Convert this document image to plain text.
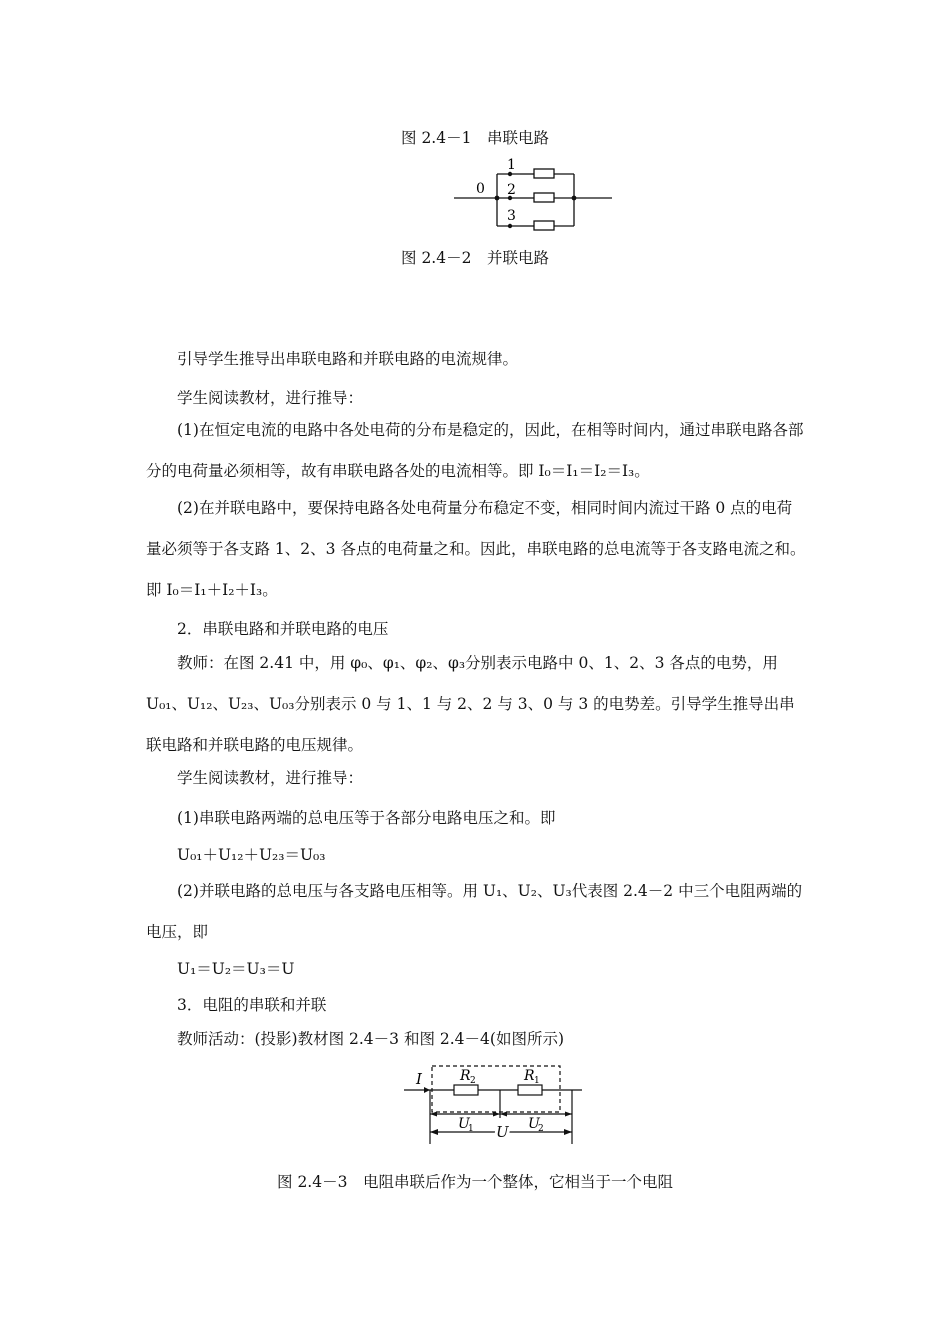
图 2.4－1　串联电路
0
1
2
3
图 2.4－2　并联电路
引导学生推导出串联电路和并联电路的电流规律。
学生阅读教材，进行推导：
(1)在恒定电流的电路中各处电荷的分布是稳定的，因此，在相等时间内，通过串联电路各部分的电荷量必须相等，故有串联电路各处的电流相等。即 I₀＝I₁＝I₂＝I₃。
(2)在并联电路中，要保持电路各处电荷量分布稳定不变，相同时间内流过干路 0 点的电荷量必须等于各支路 1、2、3 各点的电荷量之和。因此，串联电路的总电流等于各支路电流之和。即 I₀＝I₁＋I₂＋I₃。
2．串联电路和并联电路的电压
教师：在图 2.41 中，用 φ₀、φ₁、φ₂、φ₃分别表示电路中 0、1、2、3 各点的电势，用 U₀₁、U₁₂、U₂₃、U₀₃分别表示 0 与 1、1 与 2、2 与 3、0 与 3 的电势差。引导学生推导出串联电路和并联电路的电压规律。
学生阅读教材，进行推导：
(1)串联电路两端的总电压等于各部分电路电压之和。即
U₀₁＋U₁₂＋U₂₃＝U₀₃
(2)并联电路的总电压与各支路电压相等。用 U₁、U₂、U₃代表图 2.4－2 中三个电阻两端的电压，即
U₁＝U₂＝U₃＝U
3．电阻的串联和并联
教师活动：(投影)教材图 2.4－3 和图 2.4－4(如图所示)
I	R 2	R 1
U
1	U
2
U
图 2.4－3　电阻串联后作为一个整体，它相当于一个电阻
